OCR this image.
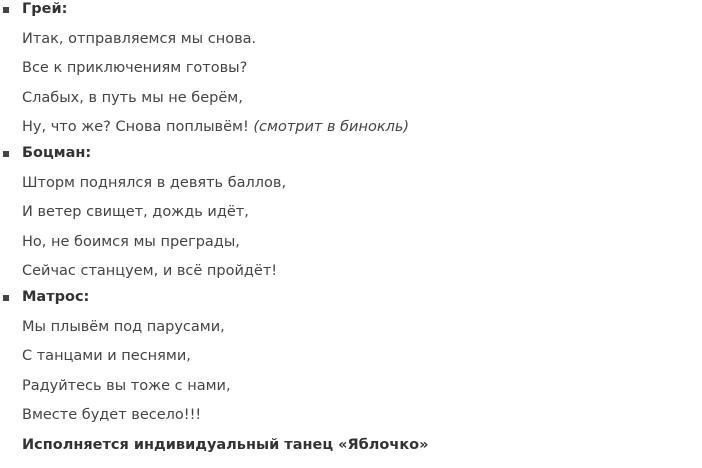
Грей:
Итак, отправляемся мы снова.
Все к приключениям готовы?
Слабых, в путь мы не берём,
Ну, что же? Снова поплывём! (смотрит в бинокль)
Боцман:
Шторм поднялся в девять баллов,
И ветер свищет, дождь идёт,
Но, не боимся мы преграды,
Сейчас станцуем, и всё пройдёт!
Матрос:
Мы плывём под парусами,
С танцами и песнями,
Радуйтесь вы тоже с нами,
Вместе будет весело!!!
Исполняется индивидуальный танец «Яблочко»
